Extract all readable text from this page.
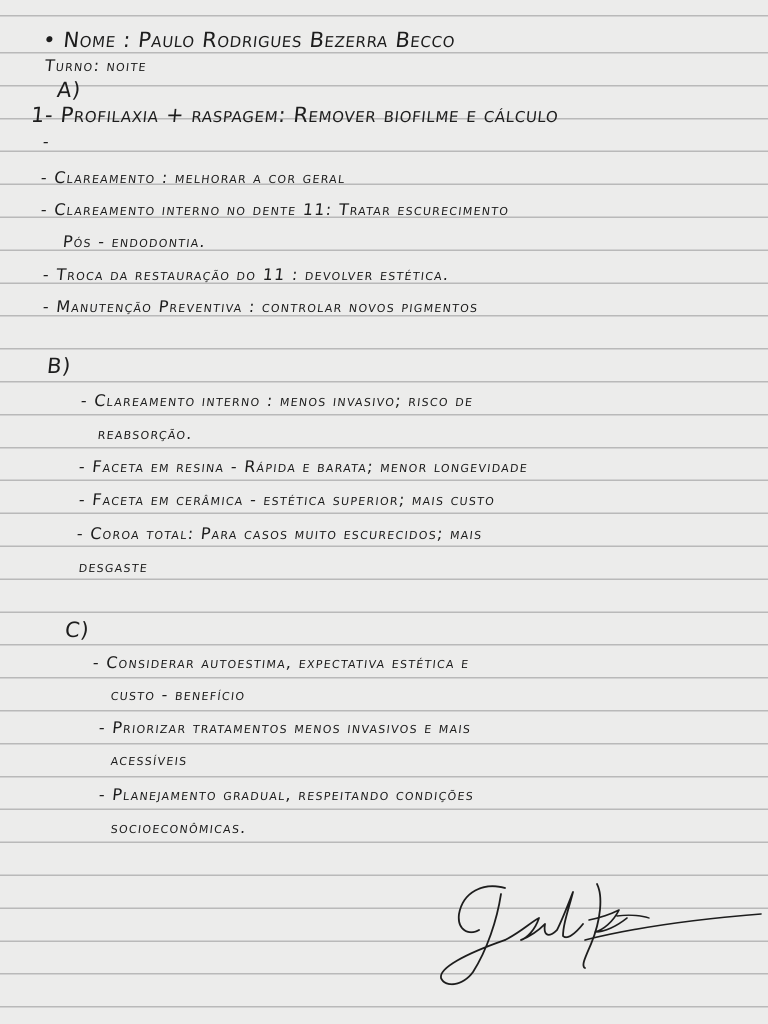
• Nome : Paulo Rodrigues Bezerra Becco
Turno: noite
A)
1- Profilaxia + raspagem: Remover biofilme e cálculo
-
- Clareamento : melhorar a cor geral
- Clareamento interno no dente 11: Tratar escurecimento
Pós - endodontia.
- Troca da restauração do 11 : devolver estética.
- Manutenção Preventiva : controlar novos pigmentos
B)
- Clareamento interno : menos invasivo; risco de
reabsorção.
- Faceta em resina - Rápida e barata; menor longevidade
- Faceta em cerâmica - estética superior; mais custo
- Coroa total: Para casos muito escurecidos; mais
desgaste
C)
- Considerar autoestima, expectativa estética e
custo - benefício
- Priorizar tratamentos menos invasivos e mais
acessíveis
- Planejamento gradual, respeitando condições
socioeconômicas.
